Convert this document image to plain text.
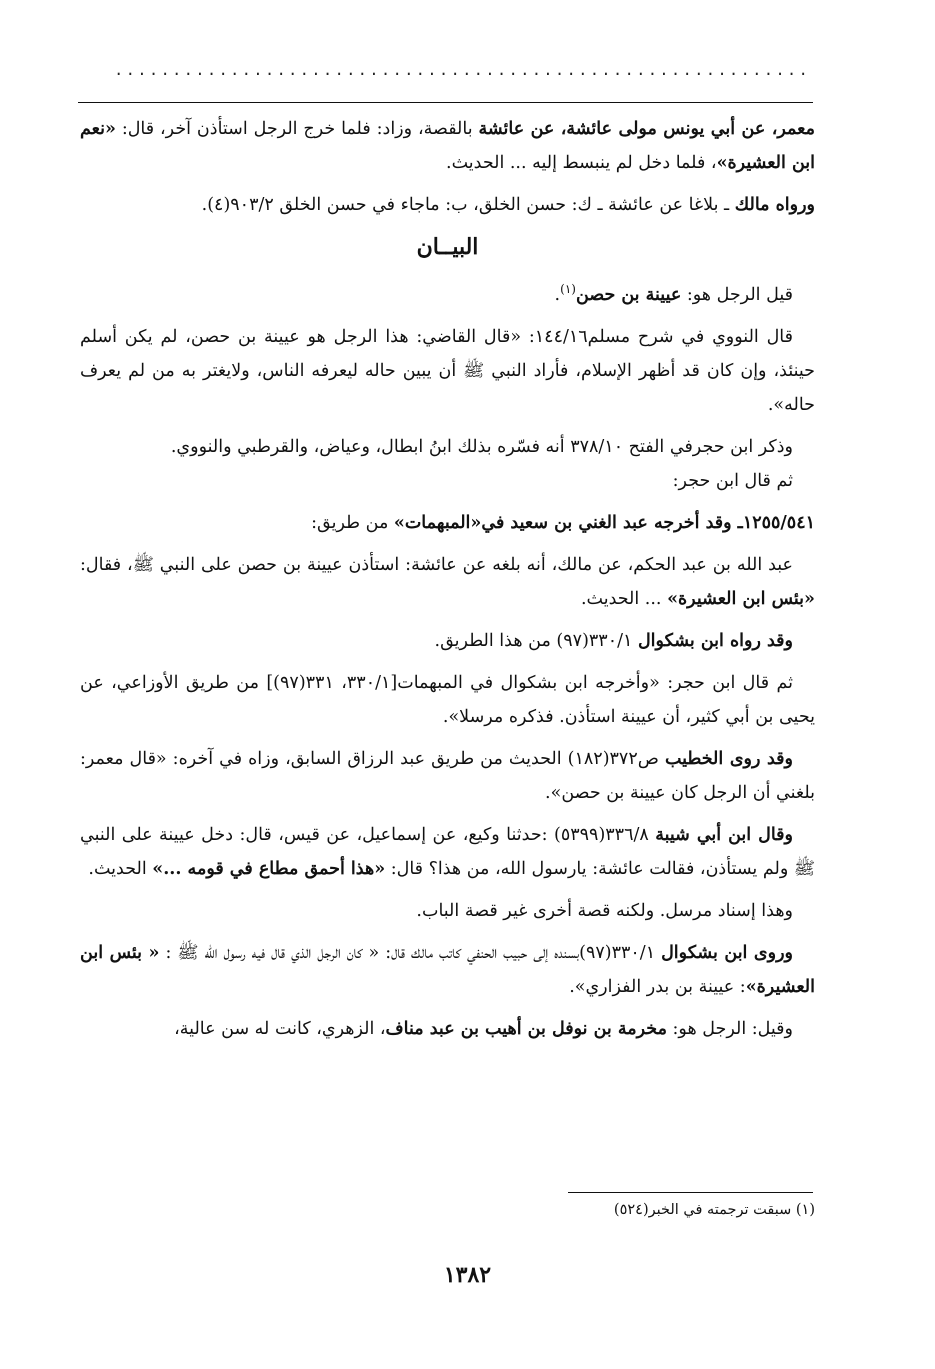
............................................................

معمر، عن أبي يونس مولى عائشة، عن عائشة بالقصة، وزاد: فلما خرج الرجل استأذن آخر، قال: «نعم ابن العشيرة»، فلما دخل لم ينبسط إليه ... الحديث.

ورواه مالك ـ بلاغا عن عائشة ـ ك: حسن الخلق، ب: ماجاء في حسن الخلق ٩٠٣/٢(٤).

البيــان

قيل الرجل هو: عيينة بن حصن$^{(١)}$.

قال النووي في شرح مسلم١٤٤/١٦: «قال القاضي: هذا الرجل هو عيينة بن حصن، لم يكن أسلم حينئذ، وإن كان قد أظهر الإسلام، فأراد النبي ﷺ أن يبين حاله ليعرفه الناس، ولايغتر به من لم يعرف حاله».

وذكر ابن حجرفي الفتح ٣٧٨/١٠ أنه فسّره بذلك ابنُ ابطال، وعياض، والقرطبي والنووي.

ثم قال ابن حجر:

١٢٥٥/٥٤١ـ وقد أخرجه عبد الغني بن سعيد في«المبهمات» من طريق:

عبد الله بن عبد الحكم، عن مالك، أنه بلغه عن عائشة: استأذن عيينة بن حصن على النبي ﷺ، فقال: «بئس ابن العشيرة» ... الحديث.

وقد رواه ابن بشكوال ٣٣٠/١(٩٧) من هذا الطريق.

ثم قال ابن حجر: «وأخرجه ابن بشكوال في المبهمات[٣٣٠/١، ٣٣١(٩٧)] من طريق الأوزاعي، عن يحيى بن أبي كثير، أن عيينة استأذن. فذكره مرسلا».

وقد روى الخطيب ص٣٧٢(١٨٢) الحديث من طريق عبد الرزاق السابق، وزاه في آخره: «قال معمر: بلغني أن الرجل كان عيينة بن حصن».

وقال ابن أبي شيبة ٣٣٦/٨(٥٣٩٩) :حدثنا وكيع، عن إسماعيل، عن قيس، قال: دخل عيينة على النبي ﷺ ولم يستأذن، فقالت عائشة: يارسول الله، من هذا؟ قال: «هذا أحمق مطاع في قومه ...» الحديث.

وهذا إسناد مرسل. ولكنه قصة أخرى غير قصة الباب.

وروى ابن بشكوال ٣٣٠/١(٩٧)بسنده إلى حبيب الحنفي كاتب مالك قال: « كان الرجل الذي قال فيه رسول الله ﷺ : « بئس ابن العشيرة»: عيينة بن بدر الفزاري».

وقيل: الرجل هو: مخرمة بن نوفل بن أهيب بن عبد مناف، الزهري، كانت له سن عالية،

(١) سبقت ترجمته في الخبر(٥٢٤)
١٣٨٢
